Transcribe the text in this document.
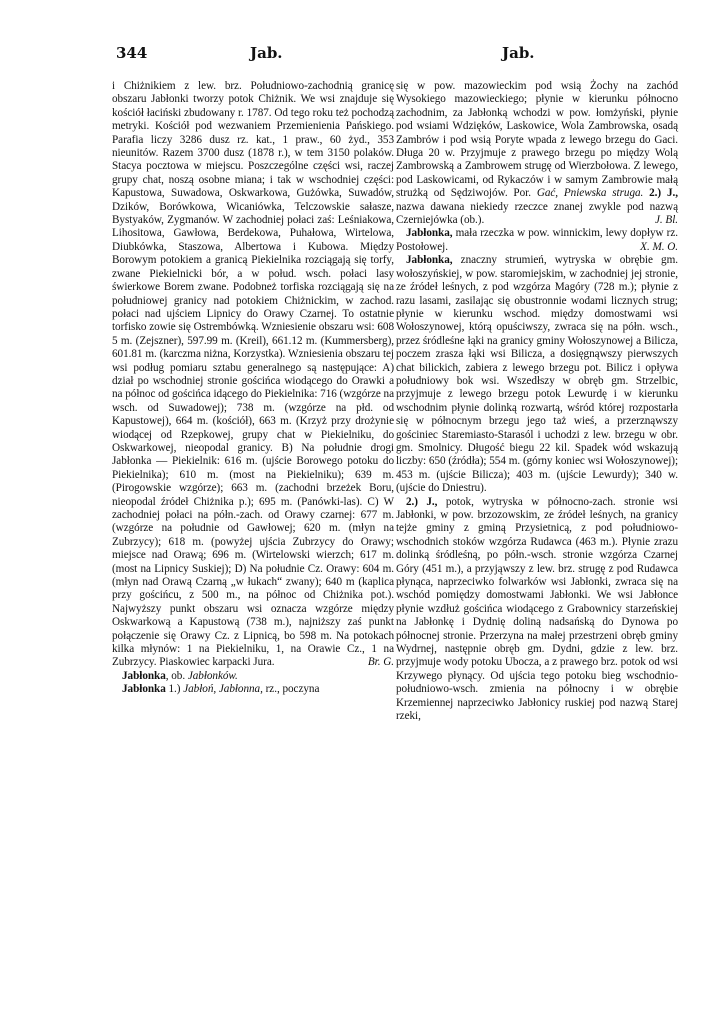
344	Jab.	Jab.

i Chiżnikiem z lew. brz. Południowo-zachodnią granicę obszaru Jabłonki tworzy potok Chiżnik. We wsi znajduje się kościół łaciński zbudowany r. 1787. Od tego roku też pochodzą metryki. Kościół pod wezwaniem Przemienienia Pańskiego. Parafia liczy 3286 dusz rz. kat., 1 praw., 60 żyd., 353 nieunitów. Razem 3700 dusz (1878 r.), w tem 3150 polaków. Stacya pocztowa w miejscu. Poszczególne części wsi, raczej grupy chat, noszą osobne miana; i tak w wschodniej części: Kapustowa, Suwadowa, Oskwarkowa, Gużówka, Suwadów, Dzików, Borówkowa, Wicaniówka, Telczowskie sałasze, Bystyaków, Zygmanów. W zachodniej połaci zaś: Leśniakowa, Lihositowa, Gawłowa, Berdekowa, Puhałowa, Wirtelowa, Diubkówka, Staszowa, Albertowa i Kubowa. Między Borowym potokiem a granicą Piekielnika rozciągają się torfy, zwane Piekielnicki bór, a w połud. wsch. połaci lasy świerkowe Borem zwane. Podobneż torfiska rozciągają się na południowej granicy nad potokiem Chiżnickim, w zachod. połaci nad ujściem Lipnicy do Orawy Czarnej. To ostatnie torfisko zowie się Ostrembówką. Wzniesienie obszaru wsi: 608 5 m. (Zejszner), 597.99 m. (Kreil), 661.12 m. (Kummersberg), 601.81 m. (karczma niżna, Korzystka). Wzniesienia obszaru tej wsi podług pomiaru sztabu generalnego są następujące: A) dział po wschodniej stronie gościńca wiodącego do Orawki a na północ od gościńca idącego do Piekielnika: 716 (wzgórze na wsch. od Suwadowej); 738 m. (wzgórze na płd. od Kapustowej), 664 m. (kościół), 663 m. (Krzyż przy drożynie wiodącej od Rzepkowej, grupy chat w Piekielniku, do Oskwarkowej, nieopodal granicy. B) Na południe drogi Jabłonka — Piekielnik: 616 m. (ujście Borowego potoku do Piekielnika); 610 m. (most na Piekielniku); 639 m. (Pirogowskie wzgórze); 663 m. (zachodni brzeżek Boru, nieopodal źródeł Chiżnika p.); 695 m. (Panówki-las). C) W zachodniej połaci na półn.-zach. od Orawy czarnej: 677 m. (wzgórze na południe od Gawłowej; 620 m. (młyn na Zubrzycy); 618 m. (powyżej ujścia Zubrzycy do Orawy; miejsce nad Orawą; 696 m. (Wirtelowski wierzch; 617 m. (most na Lipnicy Suskiej); D) Na południe Cz. Orawy: 604 m. (młyn nad Orawą Czarną „w łukach“ zwany); 640 m (kaplica przy gościńcu, z 500 m., na północ od Chiżnika pot.). Najwyższy punkt obszaru wsi oznacza wzgórze między Oskwarkową a Kapustową (738 m.), najniższy zaś punkt połączenie się Orawy Cz. z Lipnicą, bo 598 m. Na potokach kilka młynów: 1 na Piekielniku, 1, na Orawie Cz., 1 na Zubrzycy. Piaskowiec karpacki Jura.	Br. G.

Jabłonka, ob. Jabłonków.

Jabłonka 1.) Jabłoń, Jabłonna, rz., poczyna

się w pow. mazowieckim pod wsią Żochy na zachód Wysokiego mazowieckiego; płynie w kierunku północno zachodnim, za Jabłonką wchodzi w pow. łomżyński, płynie pod wsiami Wdzięków, Laskowice, Wola Zambrowska, osadą Zambrów i pod wsią Poryte wpada z lewego brzegu do Gaci. Długa 20 w. Przyjmuje z prawego brzegu po między Wolą Zambrowską a Zambrowem strugę od Wierzbołowa. Z lewego, pod Laskowicami, od Rykaczów i w samym Zambrowie małą strużką od Sędziwojów. Por. Gać, Pniewska struga. 2.) J., nazwa dawana niekiedy rzeczce znanej zwykle pod nazwą Czerniejówka (ob.).	J. Bl.

Jabłonka, mała rzeczka w pow. winnickim, lewy dopływ rz. Postołowej.	X. M. O.

Jabłonka, znaczny strumień, wytryska w obrębie gm. wołoszyńskiej, w pow. staromiejskim, w zachodniej jej stronie, ze źródeł leśnych, z pod wzgórza Magóry (728 m.); płynie z razu lasami, zasilając się obustronnie wodami licznych strug; płynie w kierunku wschod. między domostwami wsi Wołoszynowej, którą opuściwszy, zwraca się na półn. wsch., przez śródleśne łąki na granicy gminy Wołoszynowej a Bilicza, poczem zrasza łąki wsi Bilicza, a dosięgnąwszy pierwszych chat bilickich, zabiera z lewego brzegu pot. Bilicz i opływa południowy bok wsi. Wszedłszy w obręb gm. Strzelbic, przyjmuje z lewego brzegu potok Lewurdę i w kierunku wschodnim płynie dolinką rozwartą, wśród której rozpostarła się w północnym brzegu jego taż wieś, a przerznąwszy gościniec Staremiasto-Starasól i uchodzi z lew. brzegu w obr. gm. Smolnicy. Długość biegu 22 kil. Spadek wód wskazują liczby: 650 (źródła); 554 m. (górny koniec wsi Wołoszynowej); 453 m. (ujście Bilicza); 403 m. (ujście Lewurdy); 340 w. (ujście do Dniestru).

2.) J., potok, wytryska w północno-zach. stronie wsi Jabłonki, w pow. brzozowskim, ze źródeł leśnych, na granicy tejże gminy z gminą Przysietnicą, z pod południowo-wschodnich stoków wzgórza Rudawca (463 m.). Płynie zrazu dolinką śródleśną, po półn.-wsch. stronie wzgórza Czarnej Góry (451 m.), a przyjąwszy z lew. brz. strugę z pod Rudawca płynąca, naprzeciwko folwarków wsi Jabłonki, zwraca się na wschód pomiędzy domostwami Jabłonki. We wsi Jabłonce płynie wzdłuż gościńca wiodącego z Grabownicy starzeńskiej na Jabłonkę i Dydnię doliną nadsańską do Dynowa po północnej stronie. Przerzyna na małej przestrzeni obręb gminy Wydrnej, następnie obręb gm. Dydni, gdzie z lew. brz. przyjmuje wody potoku Ubocza, a z prawego brz. potok od wsi Krzywego płynący. Od ujścia tego potoku bieg wschodnio-południowo-wsch. zmienia na północny i w obrębie Krzemiennej naprzeciwko Jabłonicy ruskiej pod nazwą Starej rzeki,
